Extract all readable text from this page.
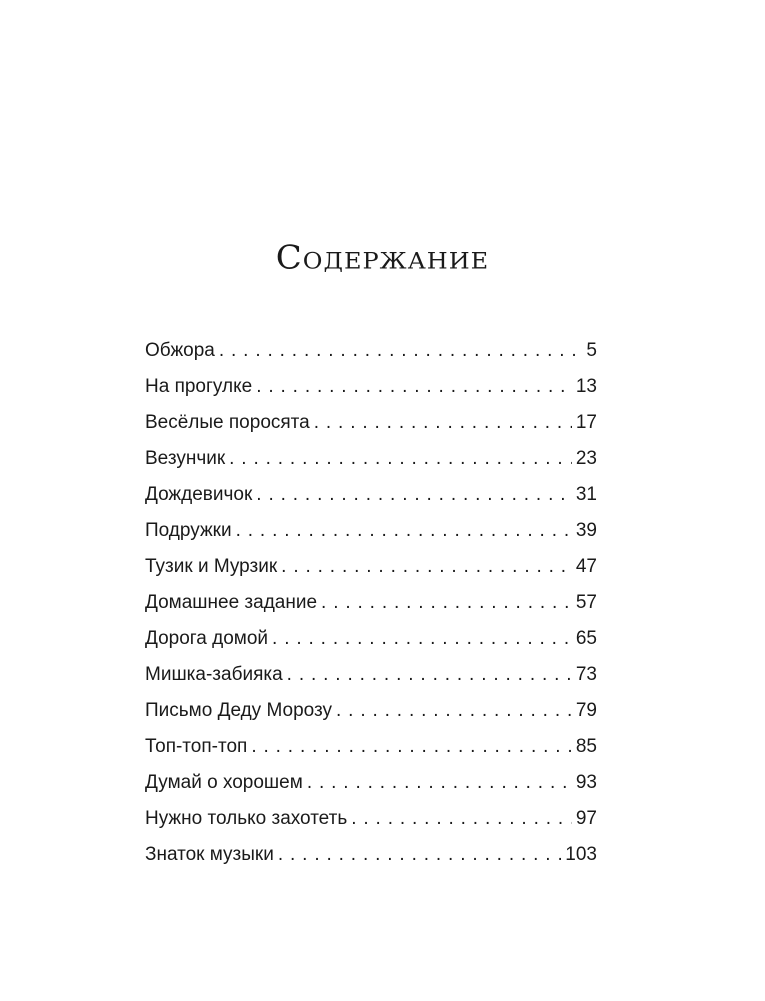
Содержание
Обжора . . .	5
На прогулке . . .	13
Весёлые поросята . . .	17
Везунчик . . .	23
Дождевичок . . .	31
Подружки . . .	39
Тузик и Мурзик . . .	47
Домашнее задание . . .	57
Дорога домой . . .	65
Мишка-забияка . . .	73
Письмо Деду Морозу . . .	79
Топ-топ-топ . . .	85
Думай о хорошем . . .	93
Нужно только захотеть . . .	97
Знаток музыки . . .	103
